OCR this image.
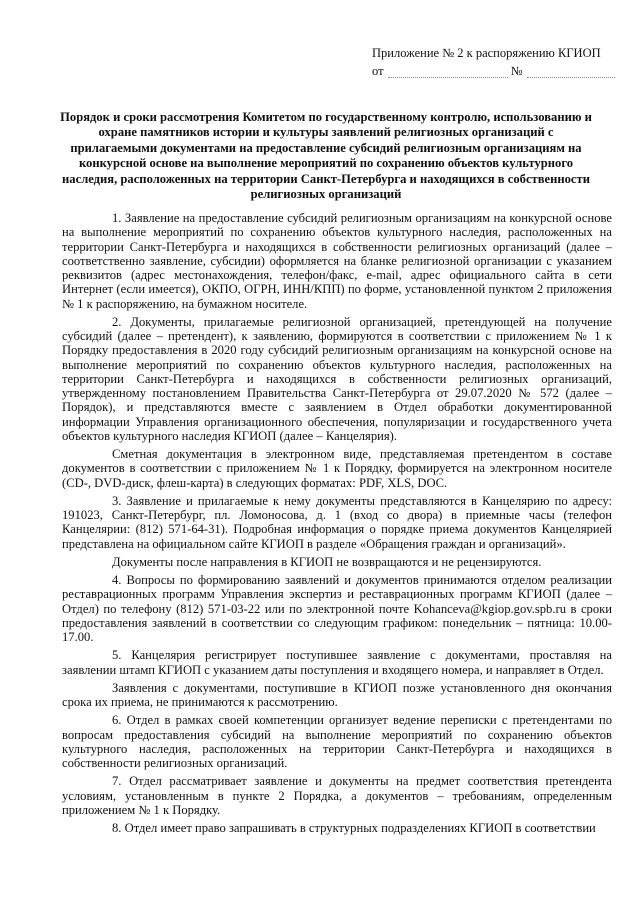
Приложение № 2 к распоряжению КГИОП
от	№
Порядок и сроки рассмотрения Комитетом по государственному контролю, использованию и охране памятников истории и культуры заявлений религиозных организаций с прилагаемыми документами на предоставление субсидий религиозным организациям на конкурсной основе на выполнение мероприятий по сохранению объектов культурного наследия, расположенных на территории Санкт-Петербурга и находящихся в собственности религиозных организаций

1. Заявление на предоставление субсидий религиозным организациям на конкурсной основе на выполнение мероприятий по сохранению объектов культурного наследия, расположенных на территории Санкт-Петербурга и находящихся в собственности религиозных организаций (далее – соответственно заявление, субсидии) оформляется на бланке религиозной организации с указанием реквизитов (адрес местонахождения, телефон/факс, e-mail, адрес официального сайта в сети Интернет (если имеется), ОКПО, ОГРН, ИНН/КПП) по форме, установленной пунктом 2 приложения № 1 к распоряжению, на бумажном носителе.

2. Документы, прилагаемые религиозной организацией, претендующей на получение субсидий (далее – претендент), к заявлению, формируются в соответствии с приложением № 1 к Порядку предоставления в 2020 году субсидий религиозным организациям на конкурсной основе на выполнение мероприятий по сохранению объектов культурного наследия, расположенных на территории Санкт-Петербурга и находящихся в собственности религиозных организаций, утвержденному постановлением Правительства Санкт-Петербурга от 29.07.2020 № 572 (далее – Порядок), и представляются вместе с заявлением в Отдел обработки документированной информации Управления организационного обеспечения, популяризации и государственного учета объектов культурного наследия КГИОП (далее – Канцелярия).

Сметная документация в электронном виде, представляемая претендентом в составе документов в соответствии с приложением № 1 к Порядку, формируется на электронном носителе (CD-, DVD-диск, флеш-карта) в следующих форматах: PDF, XLS, DOC.

3. Заявление и прилагаемые к нему документы представляются в Канцелярию по адресу: 191023, Санкт-Петербург, пл. Ломоносова, д. 1 (вход со двора) в приемные часы (телефон Канцелярии: (812) 571-64-31). Подробная информация о порядке приема документов Канцелярией представлена на официальном сайте КГИОП в разделе «Обращения граждан и организаций».

Документы после направления в КГИОП не возвращаются и не рецензируются.

4. Вопросы по формированию заявлений и документов принимаются отделом реализации реставрационных программ Управления экспертиз и реставрационных программ КГИОП (далее – Отдел) по телефону (812) 571-03-22 или по электронной почте Kohanceva@kgiop.gov.spb.ru в сроки предоставления заявлений в соответствии со следующим графиком: понедельник – пятница: 10.00-17.00.

5. Канцелярия регистрирует поступившее заявление с документами, проставляя на заявлении штамп КГИОП с указанием даты поступления и входящего номера, и направляет в Отдел.

Заявления с документами, поступившие в КГИОП позже установленного дня окончания срока их приема, не принимаются к рассмотрению.

6. Отдел в рамках своей компетенции организует ведение переписки с претендентами по вопросам предоставления субсидий на выполнение мероприятий по сохранению объектов культурного наследия, расположенных на территории Санкт-Петербурга и находящихся в собственности религиозных организаций.

7. Отдел рассматривает заявление и документы на предмет соответствия претендента условиям, установленным в пункте 2 Порядка, а документов – требованиям, определенным приложением № 1 к Порядку.

8. Отдел имеет право запрашивать в структурных подразделениях КГИОП в соответствии
